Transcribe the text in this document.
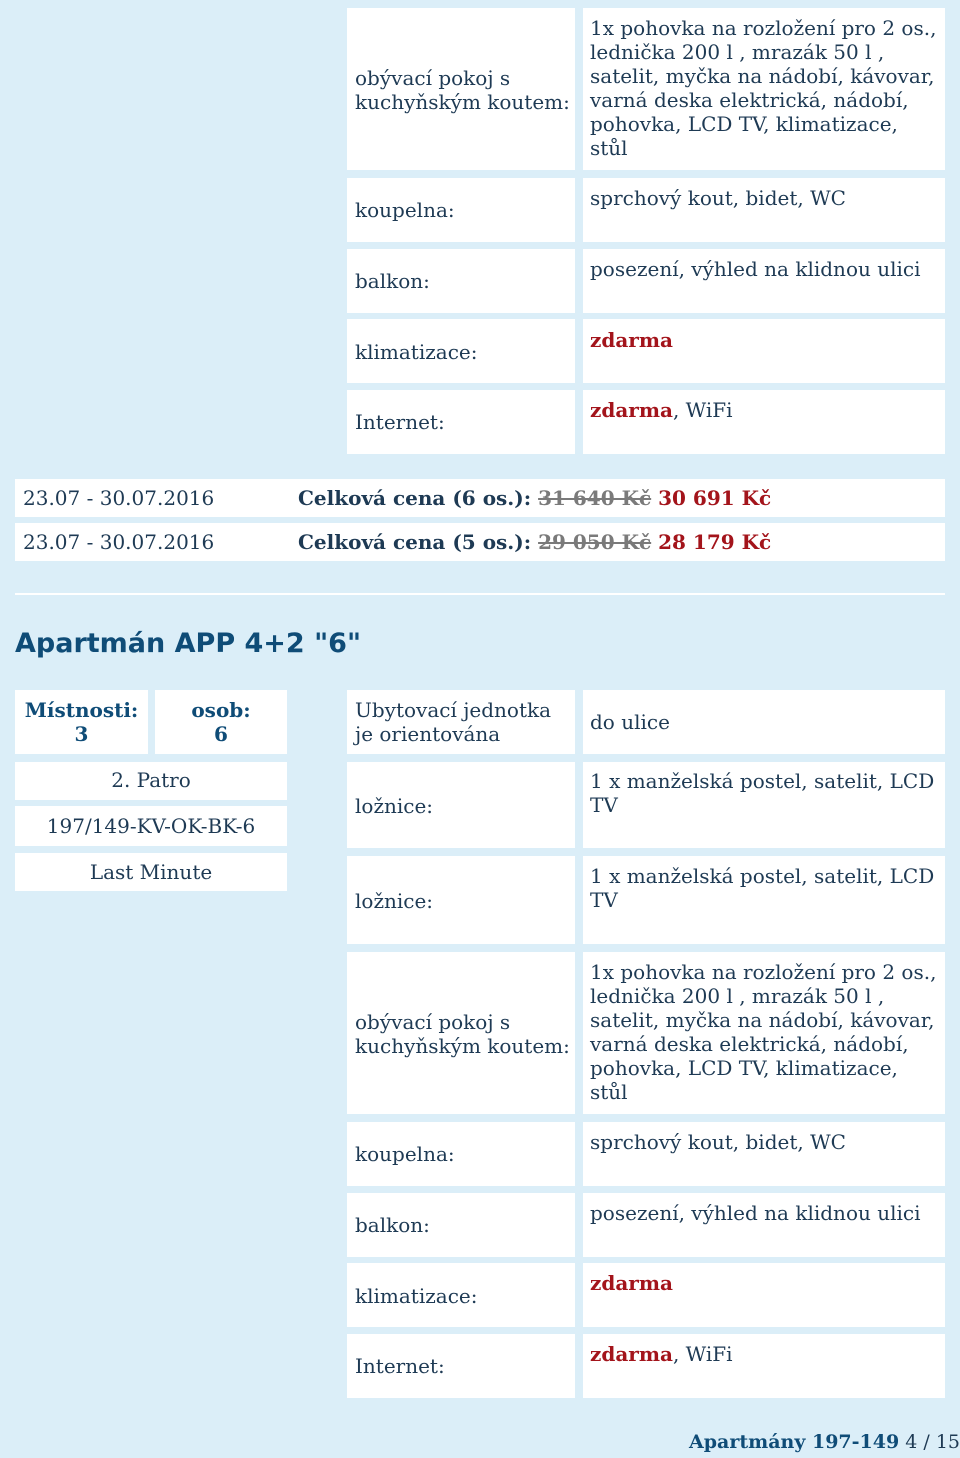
obývací pokoj s kuchyňským koutem:
1x pohovka na rozložení pro 2 os., lednička 200 l , mrazák 50 l , satelit, myčka na nádobí, kávovar, varná deska elektrická, nádobí, pohovka, LCD TV, klimatizace, stůl
koupelna:	sprchový kout, bidet, WC
balkon:	posezení, výhled na klidnou ulici
klimatizace:	zdarma
Internet:	zdarma, WiFi
23.07 - 30.07.2016	Celková cena (6 os.): 31 640 Kč 30 691 Kč
23.07 - 30.07.2016	Celková cena (5 os.): 29 050 Kč 28 179 Kč
Apartmán APP 4+2 "6"
Místnosti:
3
osob:
6
Ubytovací jednotka je orientována	do ulice
2. Patro
197/149-KV-OK-BK-6
Last Minute
ložnice:
1 x manželská postel, satelit, LCD TV
ložnice:
1 x manželská postel, satelit, LCD TV
obývací pokoj s kuchyňským koutem:
1x pohovka na rozložení pro 2 os., lednička 200 l , mrazák 50 l , satelit, myčka na nádobí, kávovar, varná deska elektrická, nádobí, pohovka, LCD TV, klimatizace, stůl
koupelna:	sprchový kout, bidet, WC
balkon:	posezení, výhled na klidnou ulici
klimatizace:
zdarma
Internet:	zdarma, WiFi
Apartmány 197-149 4 / 15
